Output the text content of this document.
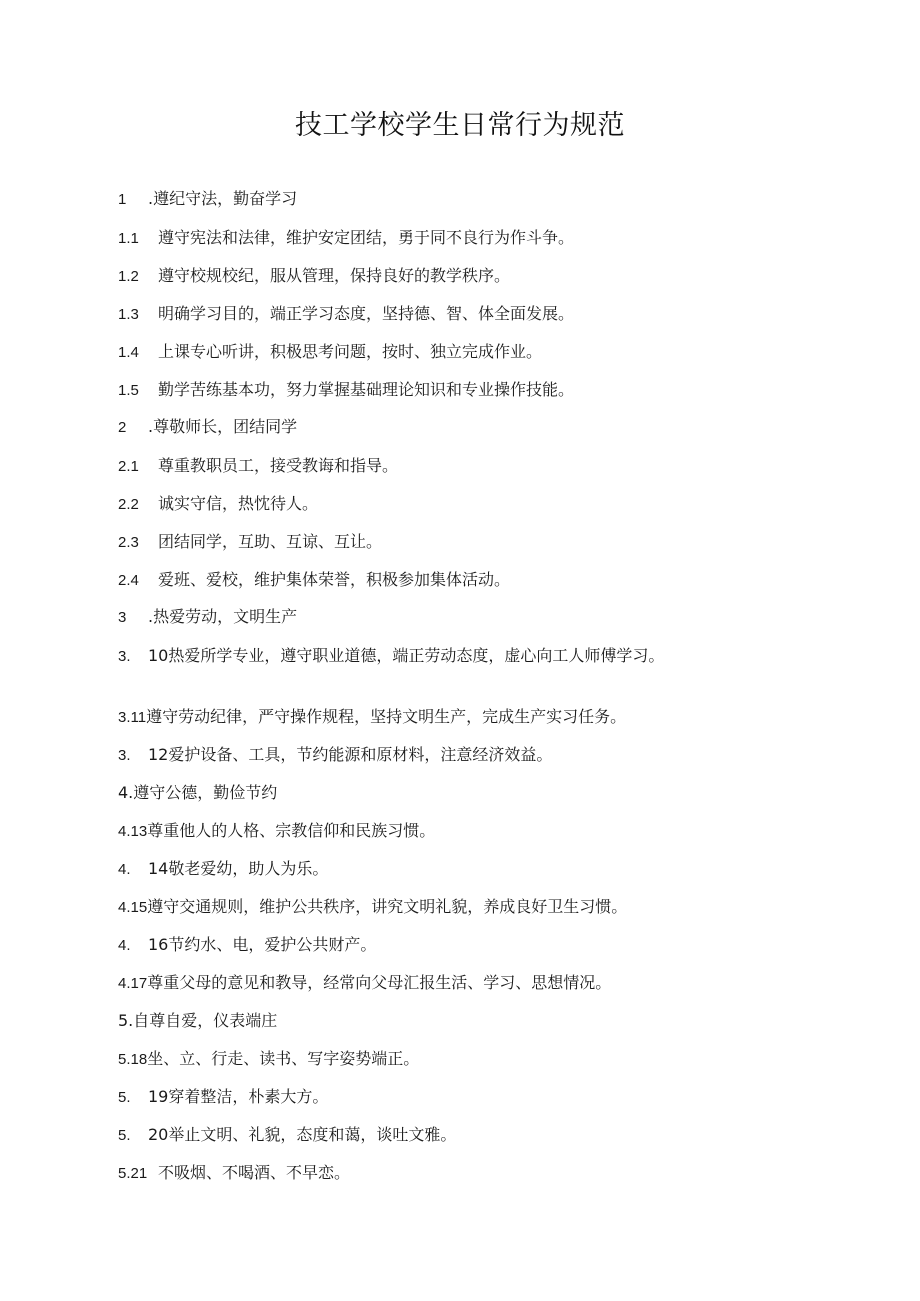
技工学校学生日常行为规范
1 .遵纪守法，勤奋学习
1.1 遵守宪法和法律，维护安定团结，勇于同不良行为作斗争。
1.2 遵守校规校纪，服从管理，保持良好的教学秩序。
1.3 明确学习目的，端正学习态度，坚持德、智、体全面发展。
1.4 上课专心听讲，积极思考问题，按时、独立完成作业。
1.5 勤学苦练基本功，努力掌握基础理论知识和专业操作技能。
2 .尊敬师长，团结同学
2.1 尊重教职员工，接受教诲和指导。
2.2 诚实守信，热忱待人。
2.3 团结同学，互助、互谅、互让。
2.4 爱班、爱校，维护集体荣誉，积极参加集体活动。
3 .热爱劳动，文明生产
3. 10热爱所学专业，遵守职业道德，端正劳动态度，虚心向工人师傅学习。
3.11遵守劳动纪律，严守操作规程，坚持文明生产，完成生产实习任务。
3. 12爱护设备、工具，节约能源和原材料，注意经济效益。
4.遵守公德，勤俭节约
4.13尊重他人的人格、宗教信仰和民族习惯。
4. 14敬老爱幼，助人为乐。
4.15遵守交通规则，维护公共秩序，讲究文明礼貌，养成良好卫生习惯。
4. 16节约水、电，爱护公共财产。
4.17尊重父母的意见和教导，经常向父母汇报生活、学习、思想情况。
5.自尊自爱，仪表端庄
5.18坐、立、行走、读书、写字姿势端正。
5. 19穿着整洁，朴素大方。
5. 20举止文明、礼貌，态度和蔼，谈吐文雅。
5.21 不吸烟、不喝酒、不早恋。
